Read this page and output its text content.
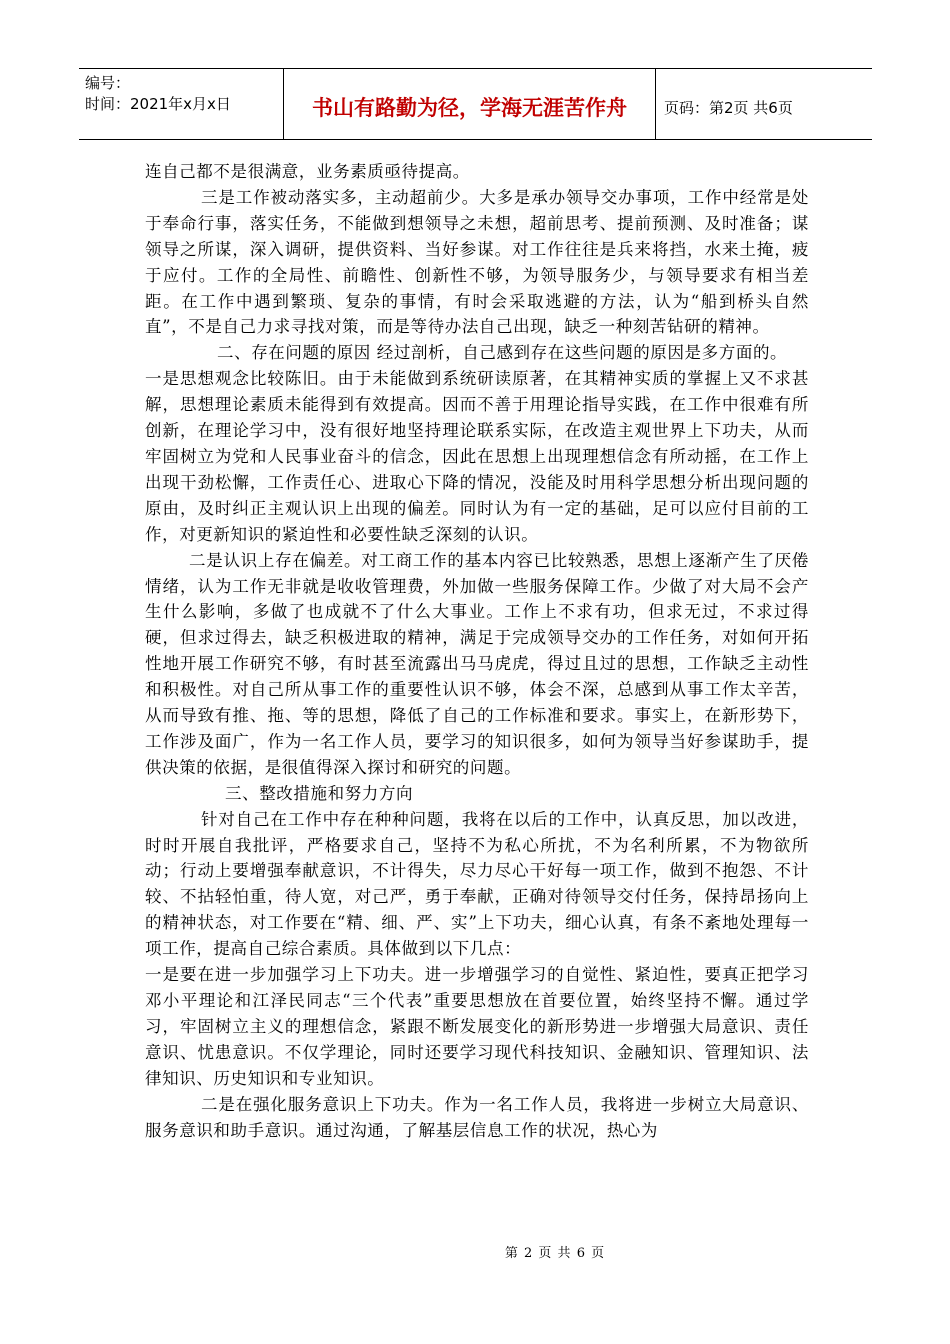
编号：
时间：2021年x月x日	书山有路勤为径，学海无涯苦作舟	页码：第2页 共6页

连自己都不是很满意，业务素质亟待提高。

三是工作被动落实多，主动超前少。大多是承办领导交办事项，工作中经常是处于奉命行事，落实任务，不能做到想领导之未想，超前思考、提前预测、及时准备；谋领导之所谋，深入调研，提供资料、当好参谋。对工作往往是兵来将挡，水来土掩，疲于应付。工作的全局性、前瞻性、创新性不够，为领导服务少，与领导要求有相当差距。在工作中遇到繁琐、复杂的事情，有时会采取逃避的方法，认为“船到桥头自然直”，不是自己力求寻找对策，而是等待办法自己出现，缺乏一种刻苦钻研的精神。

二、存在问题的原因 经过剖析，自己感到存在这些问题的原因是多方面的。

一是思想观念比较陈旧。由于未能做到系统研读原著，在其精神实质的掌握上又不求甚解，思想理论素质未能得到有效提高。因而不善于用理论指导实践，在工作中很难有所创新，在理论学习中，没有很好地坚持理论联系实际，在改造主观世界上下功夫，从而牢固树立为党和人民事业奋斗的信念，因此在思想上出现理想信念有所动摇，在工作上出现干劲松懈，工作责任心、进取心下降的情况，没能及时用科学思想分析出现问题的原由，及时纠正主观认识上出现的偏差。同时认为有一定的基础，足可以应付目前的工作，对更新知识的紧迫性和必要性缺乏深刻的认识。

二是认识上存在偏差。对工商工作的基本内容已比较熟悉，思想上逐渐产生了厌倦情绪，认为工作无非就是收收管理费，外加做一些服务保障工作。少做了对大局不会产生什么影响，多做了也成就不了什么大事业。工作上不求有功，但求无过，不求过得硬，但求过得去，缺乏积极进取的精神，满足于完成领导交办的工作任务，对如何开拓性地开展工作研究不够，有时甚至流露出马马虎虎，得过且过的思想，工作缺乏主动性和积极性。对自己所从事工作的重要性认识不够，体会不深，总感到从事工作太辛苦，从而导致有推、拖、等的思想，降低了自己的工作标准和要求。事实上，在新形势下，工作涉及面广，作为一名工作人员，要学习的知识很多，如何为领导当好参谋助手，提供决策的依据，是很值得深入探讨和研究的问题。

三、整改措施和努力方向

针对自己在工作中存在种种问题，我将在以后的工作中，认真反思，加以改进，时时开展自我批评，严格要求自己，坚持不为私心所扰，不为名利所累，不为物欲所动；行动上要增强奉献意识，不计得失，尽力尽心干好每一项工作，做到不抱怨、不计较、不拈轻怕重，待人宽，对己严，勇于奉献，正确对待领导交付任务，保持昂扬向上的精神状态，对工作要在“精、细、严、实”上下功夫，细心认真，有条不紊地处理每一项工作，提高自己综合素质。具体做到以下几点：

一是要在进一步加强学习上下功夫。进一步增强学习的自觉性、紧迫性，要真正把学习邓小平理论和江泽民同志“三个代表”重要思想放在首要位置，始终坚持不懈。通过学习，牢固树立主义的理想信念，紧跟不断发展变化的新形势进一步增强大局意识、责任意识、忧患意识。不仅学理论，同时还要学习现代科技知识、金融知识、管理知识、法律知识、历史知识和专业知识。

二是在强化服务意识上下功夫。作为一名工作人员，我将进一步树立大局意识、服务意识和助手意识。通过沟通，了解基层信息工作的状况，热心为

第 2 页 共 6 页
